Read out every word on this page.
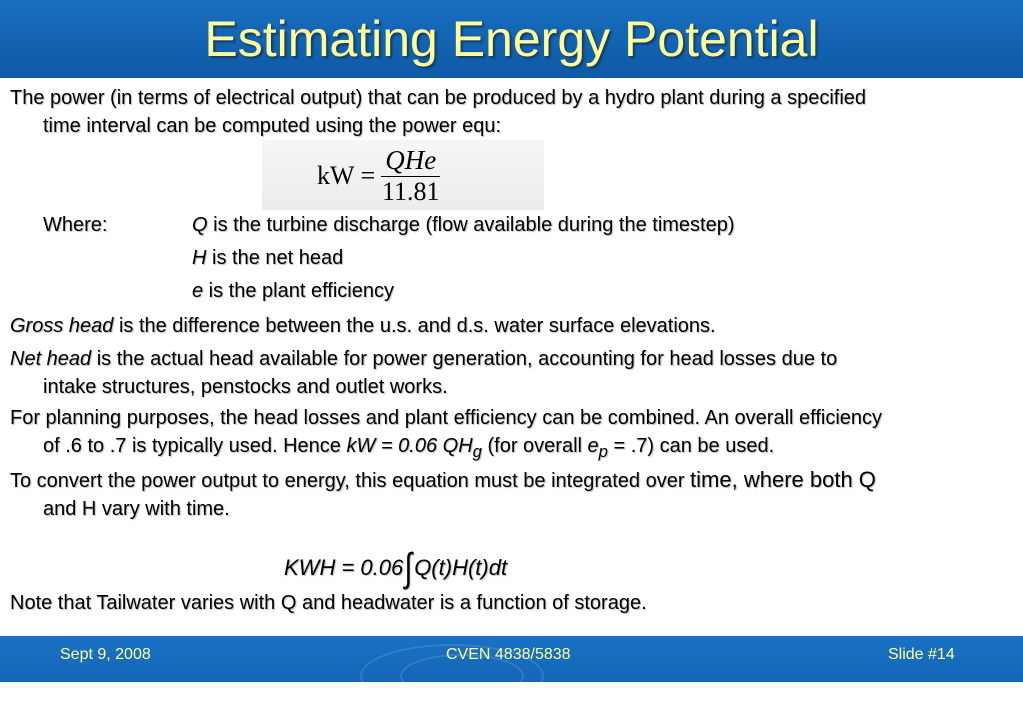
Estimating Energy Potential
The power (in terms of electrical output) that can be produced by a hydro plant during a specified
time interval can be computed using the power equ:
kW = $\frac{\text{QHe}}{11.81}$
Where:	Q is the turbine discharge (flow available during the timestep)
H is the net head
e is the plant efficiency
Gross head is the difference between the u.s. and d.s. water surface elevations.
Net head is the actual head available for power generation, accounting for head losses due to
intake structures, penstocks and outlet works.
For planning purposes, the head losses and plant efficiency can be combined. An overall efficiency
of .6 to .7 is typically used. Hence kW = 0.06 $QH_g$ (for overall $e_p = .7$) can be used.
To convert the power output to energy, this equation must be integrated over time, where both Q
and H vary with time.
KWH = 0.06∫Q(t)H(t)dt
Note that Tailwater varies with Q and headwater is a function of storage.
Sept 9, 2008	CVEN 4838/5838	Slide #14
